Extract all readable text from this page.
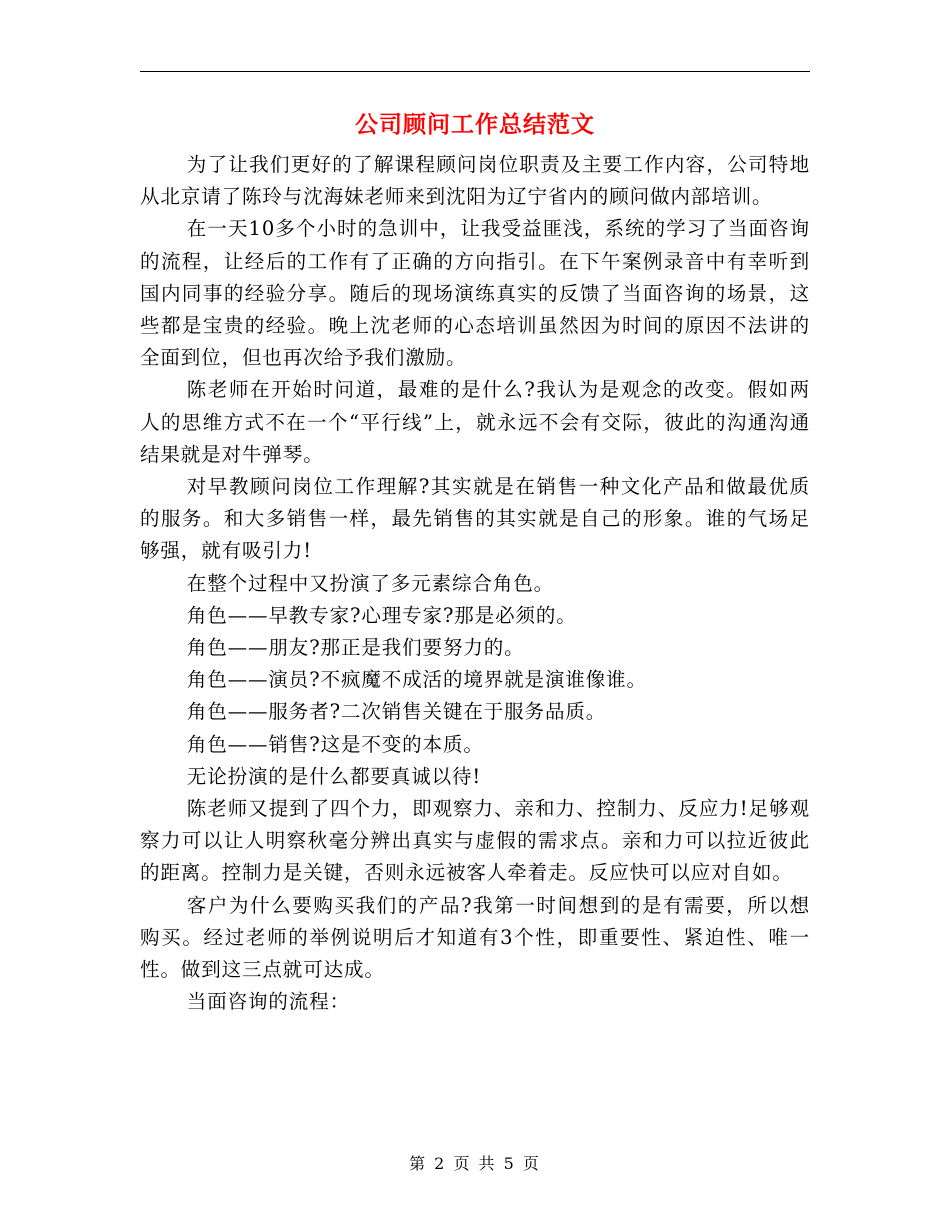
公司顾问工作总结范文

为了让我们更好的了解课程顾问岗位职责及主要工作内容，公司特地从北京请了陈玲与沈海妹老师来到沈阳为辽宁省内的顾问做内部培训。

在一天10多个小时的急训中，让我受益匪浅，系统的学习了当面咨询的流程，让经后的工作有了正确的方向指引。在下午案例录音中有幸听到国内同事的经验分享。随后的现场演练真实的反馈了当面咨询的场景，这些都是宝贵的经验。晚上沈老师的心态培训虽然因为时间的原因不法讲的全面到位，但也再次给予我们激励。

陈老师在开始时问道，最难的是什么?我认为是观念的改变。假如两人的思维方式不在一个“平行线”上，就永远不会有交际，彼此的沟通沟通结果就是对牛弹琴。

对早教顾问岗位工作理解?其实就是在销售一种文化产品和做最优质的服务。和大多销售一样，最先销售的其实就是自己的形象。谁的气场足够强，就有吸引力!

在整个过程中又扮演了多元素综合角色。

角色——早教专家?心理专家?那是必须的。

角色——朋友?那正是我们要努力的。

角色——演员?不疯魔不成活的境界就是演谁像谁。

角色——服务者?二次销售关键在于服务品质。

角色——销售?这是不变的本质。

无论扮演的是什么都要真诚以待!

陈老师又提到了四个力，即观察力、亲和力、控制力、反应力!足够观察力可以让人明察秋毫分辨出真实与虚假的需求点。亲和力可以拉近彼此的距离。控制力是关键，否则永远被客人牵着走。反应快可以应对自如。

客户为什么要购买我们的产品?我第一时间想到的是有需要，所以想购买。经过老师的举例说明后才知道有3个性，即重要性、紧迫性、唯一性。做到这三点就可达成。

当面咨询的流程：

第 2 页 共 5 页
